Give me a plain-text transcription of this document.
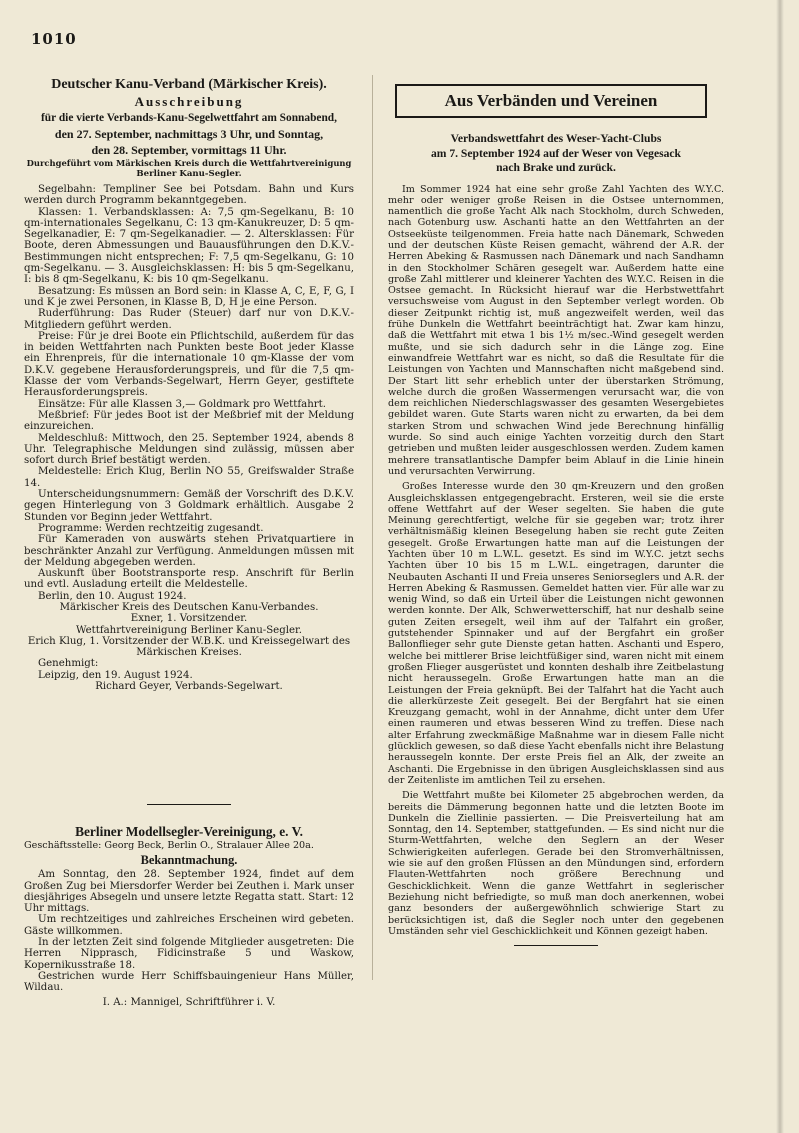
1010

Deutscher Kanu-Verband (Märkischer Kreis).

Ausschreibung

für die vierte Verbands-Kanu-Segelwettfahrt am Sonnabend,

den 27. September, nachmittags 3 Uhr, und Sonntag,

den 28. September, vormittags 11 Uhr.

Durchgeführt vom Märkischen Kreis durch die Wettfahrtvereinigung

Berliner Kanu-Segler.

Segelbahn: Templiner See bei Potsdam. Bahn und Kurs werden durch Programm bekanntgegeben.

Klassen: 1. Verbandsklassen: A: 7,5 qm-Segelkanu, B: 10 qm-internationales Segelkanu, C: 13 qm-Kanukreuzer, D: 5 qm-Segelkanadier, E: 7 qm-Segelkanadier. — 2. Altersklassen: Für Boote, deren Abmessungen und Bauausführungen den D.K.V.-Bestimmungen nicht entsprechen; F: 7,5 qm-Segelkanu, G: 10 qm-Segelkanu. — 3. Ausgleichsklassen: H: bis 5 qm-Segelkanu, I: bis 8 qm-Segelkanu, K: bis 10 qm-Segelkanu.

Besatzung: Es müssen an Bord sein: in Klasse A, C, E, F, G, I und K je zwei Personen, in Klasse B, D, H je eine Person.

Ruderführung: Das Ruder (Steuer) darf nur von D.K.V.-Mitgliedern geführt werden.

Preise: Für je drei Boote ein Pflichtschild, außerdem für das in beiden Wettfahrten nach Punkten beste Boot jeder Klasse ein Ehrenpreis, für die internationale 10 qm-Klasse der vom D.K.V. gegebene Herausforderungspreis, und für die 7,5 qm-Klasse der vom Verbands-Segelwart, Herrn Geyer, gestiftete Herausforderungspreis.

Einsätze: Für alle Klassen 3,— Goldmark pro Wettfahrt.

Meßbrief: Für jedes Boot ist der Meßbrief mit der Meldung einzureichen.

Meldeschluß: Mittwoch, den 25. September 1924, abends 8 Uhr. Telegraphische Meldungen sind zulässig, müssen aber sofort durch Brief bestätigt werden.

Meldestelle: Erich Klug, Berlin NO 55, Greifswalder Straße 14.

Unterscheidungsnummern: Gemäß der Vorschrift des D.K.V. gegen Hinterlegung von 3 Goldmark erhältlich. Ausgabe 2 Stunden vor Beginn jeder Wettfahrt.

Programme: Werden rechtzeitig zugesandt.

Für Kameraden von auswärts stehen Privatquartiere in beschränkter Anzahl zur Verfügung. Anmeldungen müssen mit der Meldung abgegeben werden.

Auskunft über Bootstransporte resp. Anschrift für Berlin und evtl. Ausladung erteilt die Meldestelle.

Berlin, den 10. August 1924.

Märkischer Kreis des Deutschen Kanu-Verbandes.

Exner, 1. Vorsitzender.

Wettfahrtvereinigung Berliner Kanu-Segler.

Erich Klug, 1. Vorsitzender der W.B.K. und Kreissegelwart des Märkischen Kreises.

Genehmigt:

Leipzig, den 19. August 1924.

Richard Geyer, Verbands-Segelwart.

Berliner Modellsegler-Vereinigung, e. V.

Geschäftsstelle: Georg Beck, Berlin O., Stralauer Allee 20a.

Bekanntmachung.

Am Sonntag, den 28. September 1924, findet auf dem Großen Zug bei Miersdorfer Werder bei Zeuthen i. Mark unser diesjähriges Absegeln und unsere letzte Regatta statt. Start: 12 Uhr mittags.

Um rechtzeitiges und zahlreiches Erscheinen wird gebeten. Gäste willkommen.

In der letzten Zeit sind folgende Mitglieder ausgetreten: Die Herren Nipprasch, Fidicinstraße 5 und Waskow, Kopernikusstraße 18.

Gestrichen wurde Herr Schiffsbauingenieur Hans Müller, Wildau.

I. A.: Mannigel, Schriftführer i. V.

Aus Verbänden und Vereinen

Verbandswettfahrt des Weser-Yacht-Clubs

am 7. September 1924 auf der Weser von Vegesack

nach Brake und zurück.

Im Sommer 1924 hat eine sehr große Zahl Yachten des W.Y.C. mehr oder weniger große Reisen in die Ostsee unternommen, namentlich die große Yacht Alk nach Stockholm, durch Schweden, nach Gotenburg usw. Aschanti hatte an den Wettfahrten an der Ostseeküste teilgenommen. Freia hatte nach Dänemark, Schweden und der deutschen Küste Reisen gemacht, während der A.R. der Herren Abeking & Rasmussen nach Dänemark und nach Sandhamn in den Stockholmer Schären gesegelt war. Außerdem hatte eine große Zahl mittlerer und kleinerer Yachten des W.Y.C. Reisen in die Ostsee gemacht. In Rücksicht hierauf war die Herbstwettfahrt versuchsweise vom August in den September verlegt worden. Ob dieser Zeitpunkt richtig ist, muß angezweifelt werden, weil das frühe Dunkeln die Wettfahrt beeinträchtigt hat. Zwar kam hinzu, daß die Wettfahrt mit etwa 1 bis 1½ m/sec.-Wind gesegelt werden mußte, und sie sich dadurch sehr in die Länge zog. Eine einwandfreie Wettfahrt war es nicht, so daß die Resultate für die Leistungen von Yachten und Mannschaften nicht maßgebend sind. Der Start litt sehr erheblich unter der überstarken Strömung, welche durch die großen Wassermengen verursacht war, die von dem reichlichen Niederschlagswasser des gesamten Wesergebietes gebildet waren. Gute Starts waren nicht zu erwarten, da bei dem starken Strom und schwachen Wind jede Berechnung hinfällig wurde. So sind auch einige Yachten vorzeitig durch den Start getrieben und mußten leider ausgeschlossen werden. Zudem kamen mehrere transatlantische Dampfer beim Ablauf in die Linie hinein und verursachten Verwirrung.

Großes Interesse wurde den 30 qm-Kreuzern und den großen Ausgleichsklassen entgegengebracht. Ersteren, weil sie die erste offene Wettfahrt auf der Weser segelten. Sie haben die gute Meinung gerechtfertigt, welche für sie gegeben war; trotz ihrer verhältnismäßig kleinen Besegelung haben sie recht gute Zeiten gesegelt. Große Erwartungen hatte man auf die Leistungen der Yachten über 10 m L.W.L. gesetzt. Es sind im W.Y.C. jetzt sechs Yachten über 10 bis 15 m L.W.L. eingetragen, darunter die Neubauten Aschanti II und Freia unseres Seniorseglers und A.R. der Herren Abeking & Rasmussen. Gemeldet hatten vier. Für alle war zu wenig Wind, so daß ein Urteil über die Leistungen nicht gewonnen werden konnte. Der Alk, Schwerwetterschiff, hat nur deshalb seine guten Zeiten ersegelt, weil ihm auf der Talfahrt ein großer, gutstehender Spinnaker und auf der Bergfahrt ein großer Ballonflieger sehr gute Dienste getan hatten. Aschanti und Espero, welche bei mittlerer Brise leichtfüßiger sind, waren nicht mit einem großen Flieger ausgerüstet und konnten deshalb ihre Zeitbelastung nicht heraussegeln. Große Erwartungen hatte man an die Leistungen der Freia geknüpft. Bei der Talfahrt hat die Yacht auch die allerkürzeste Zeit gesegelt. Bei der Bergfahrt hat sie einen Kreuzgang gemacht, wohl in der Annahme, dicht unter dem Ufer einen raumeren und etwas besseren Wind zu treffen. Diese nach alter Erfahrung zweckmäßige Maßnahme war in diesem Falle nicht glücklich gewesen, so daß diese Yacht ebenfalls nicht ihre Belastung heraussegeln konnte. Der erste Preis fiel an Alk, der zweite an Aschanti. Die Ergebnisse in den übrigen Ausgleichsklassen sind aus der Zeitenliste im amtlichen Teil zu ersehen.

Die Wettfahrt mußte bei Kilometer 25 abgebrochen werden, da bereits die Dämmerung begonnen hatte und die letzten Boote im Dunkeln die Ziellinie passierten. — Die Preisverteilung hat am Sonntag, den 14. September, stattgefunden. — Es sind nicht nur die Sturm-Wettfahrten, welche den Seglern an der Weser Schwierigkeiten auferlegen. Gerade bei den Stromverhältnissen, wie sie auf den großen Flüssen an den Mündungen sind, erfordern Flauten-Wettfahrten noch größere Berechnung und Geschicklichkeit. Wenn die ganze Wettfahrt in seglerischer Beziehung nicht befriedigte, so muß man doch anerkennen, wobei ganz besonders der außergewöhnlich schwierige Start zu berücksichtigen ist, daß die Segler noch unter den gegebenen Umständen sehr viel Geschicklichkeit und Können gezeigt haben.
